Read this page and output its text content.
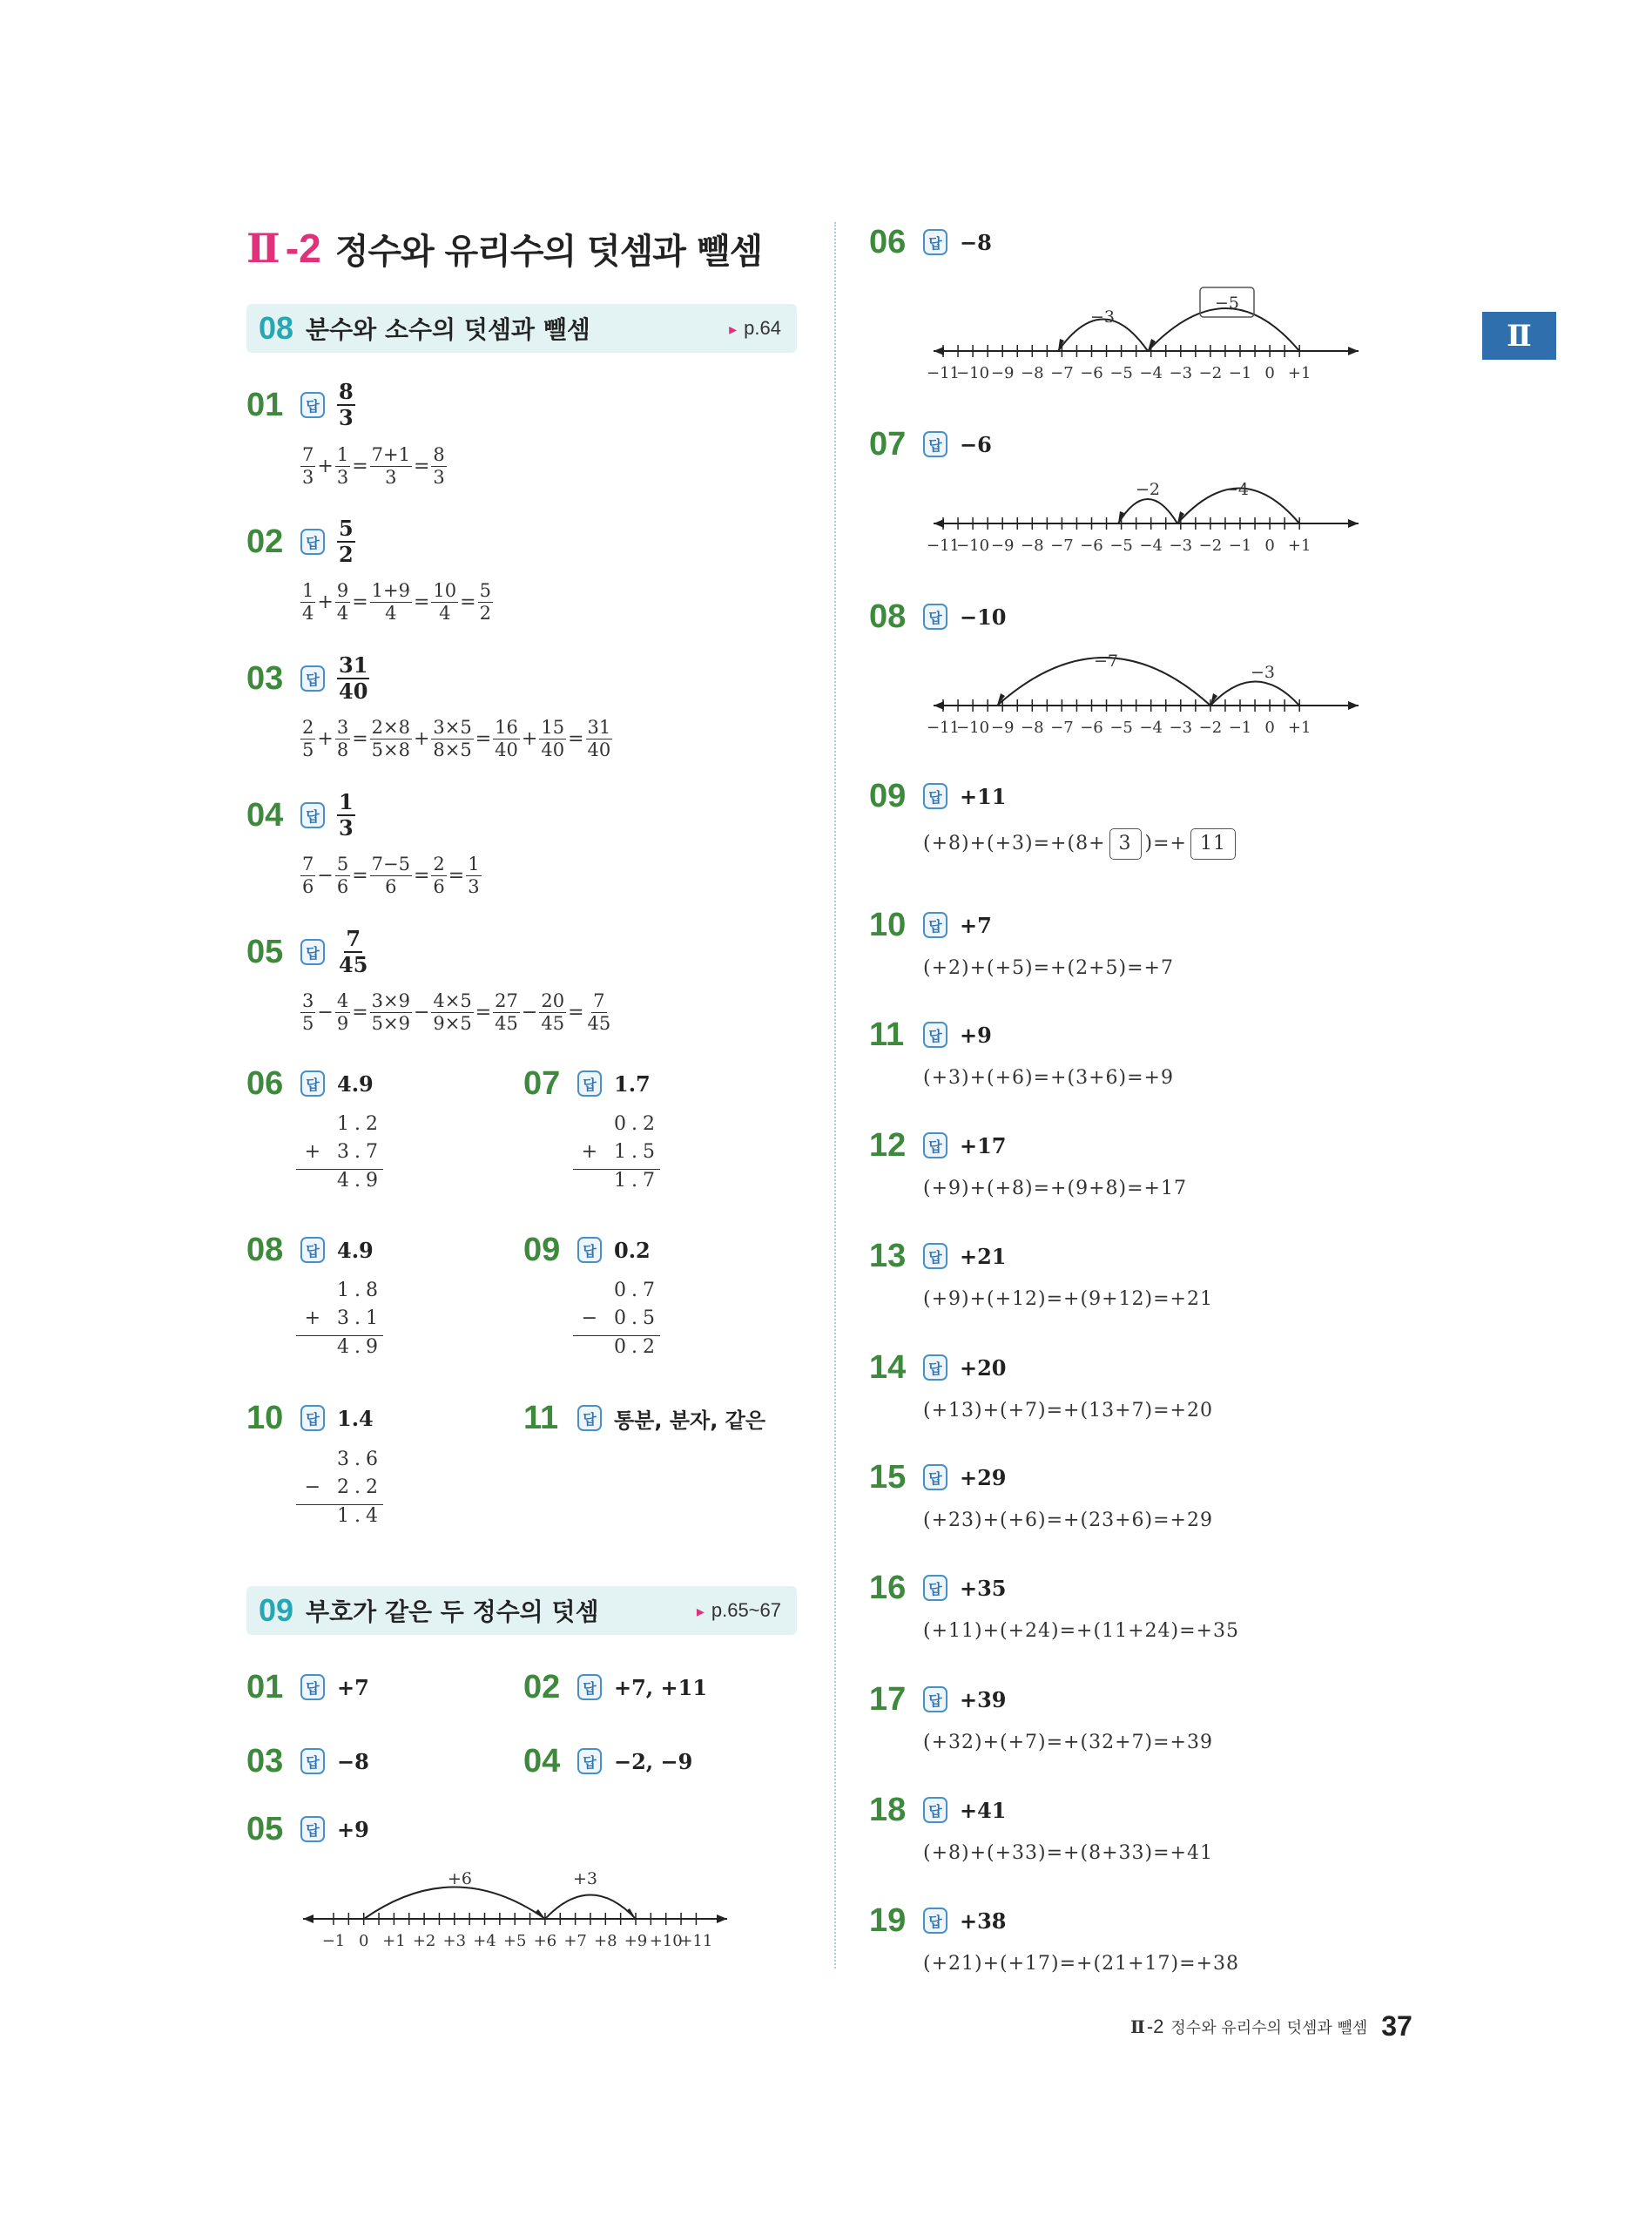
Ⅱ -2 정수와 유리수의 덧셈과 뺄셈
Ⅱ
08 분수와 소수의 덧셈과 뺄셈	▸ p.64
01	답 $\frac{8}{3}$
$\frac{7}{3} + \frac{1}{3} = \frac{7+1}{3} = \frac{8}{3}$
02	답 $\frac{5}{2}$
$\frac{1}{4} + \frac{9}{4} = \frac{1+9}{4} = \frac{10}{4} = \frac{5}{2}$
03	답 $\frac{31}{40}$
$\frac{2}{5} + \frac{3}{8} = \frac{2\times 8}{5\times 8} + \frac{3\times 5}{8\times 5} = \frac{16}{40} + \frac{15}{40} = \frac{31}{40}$
04	답 $\frac{1}{3}$
$\frac{7}{6} - \frac{5}{6} = \frac{7-5}{6} = \frac{2}{6} = \frac{1}{3}$
05	답 $\frac{7}{45}$
$\frac{3}{5} - \frac{4}{9} = \frac{3\times 9}{5\times 9} - \frac{4\times 5}{9\times 5} = \frac{27}{45} - \frac{20}{45} = \frac{7}{45}$
06	답 4.9
1.2
+ 3.7
4.9
07	답 1.7
0.2
+ 1.5
1.7
08	답 4.9
1.8
+ 3.1
4.9
09	답 0.2
0.7
− 0.5
0.2
10	답 1.4
3.6
− 2.2
1.4
11	답 통분, 분자, 같은
09 부호가 같은 두 정수의 덧셈	▸ p.65~67
01	답 +7	02	답 +7, +11
03	답 −8	04	답 −2, −9
05	답 +9
−1 0 +1 +2 +3 +4 +5 +6 +7 +8 +9 +10
+11
+6	+3
06	답 −8
07	답 −6
08	답 −10
−11
−10 −9 −8 −7 −6 −5 −4 −3 −2 −1 0 +1
−3
−5
−11
−10 −9 −8 −7 −6 −5 −4 −3 −2 −1 0 +1
−2	−4
−11
−10 −9 −8 −7 −6 −5 −4 −3 −2 −1 0 +1
−7
−3
09	답 +11
(+8)+(+3)=+(8+ 3 )=+ 11
10	답 +7
(+2)+(+5)=+(2+5)=+7
11	답 +9
(+3)+(+6)=+(3+6)=+9
12	답 +17
(+9)+(+8)=+(9+8)=+17
13	답 +21
(+9)+(+12)=+(9+12)=+21
14	답 +20
(+13)+(+7)=+(13+7)=+20
15	답 +29
(+23)+(+6)=+(23+6)=+29
16	답 +35
(+11)+(+24)=+(11+24)=+35
17	답 +39
(+32)+(+7)=+(32+7)=+39
18	답 +41
(+8)+(+33)=+(8+33)=+41
19	답 +38
(+21)+(+17)=+(21+17)=+38
Ⅱ -2 정수와 유리수의 덧셈과 뺄셈 37
